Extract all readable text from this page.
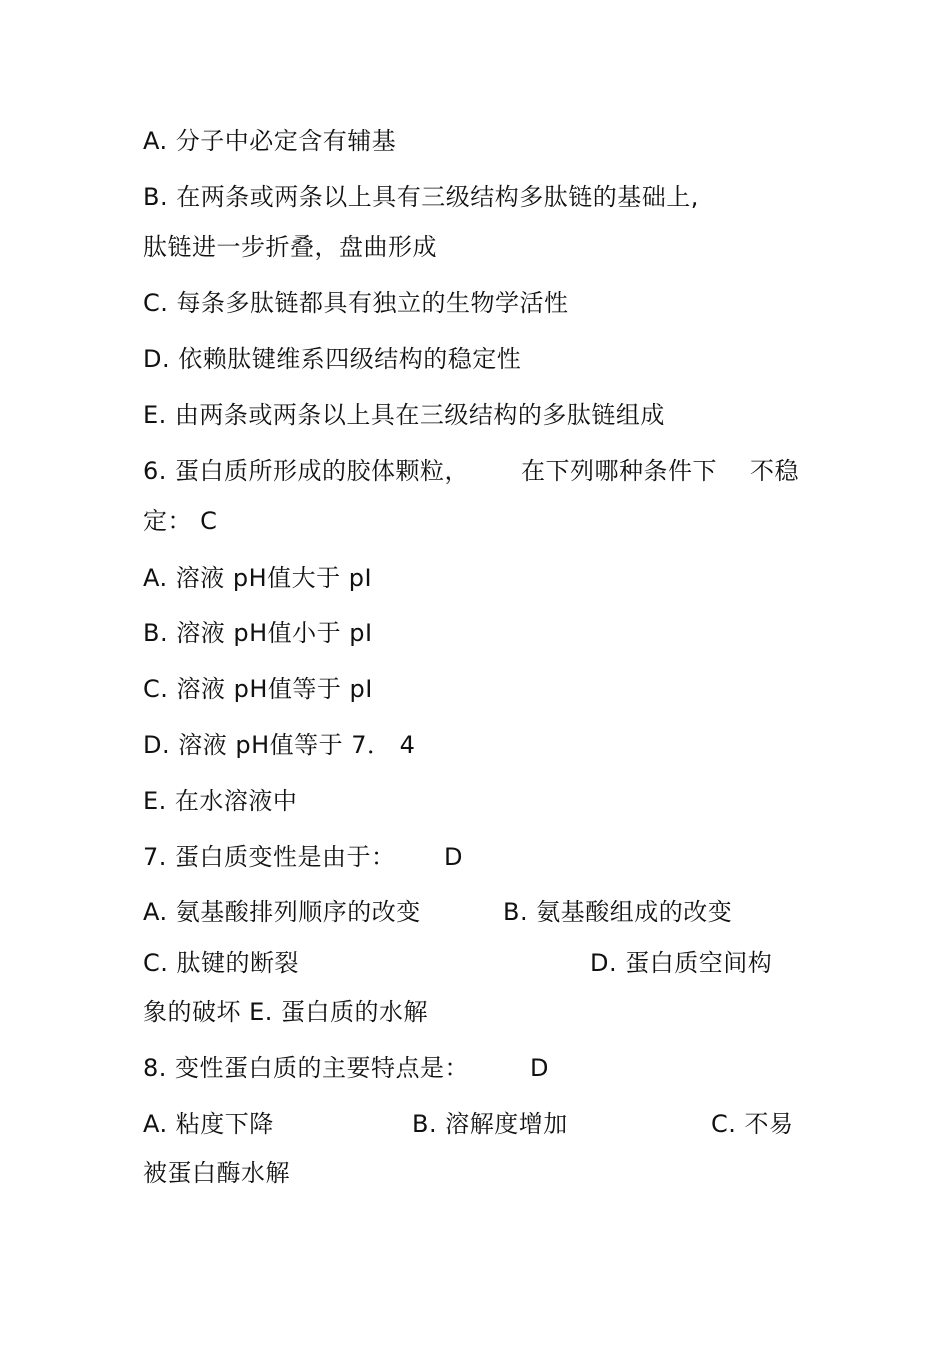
A. 分子中必定含有辅基
B. 在两条或两条以上具有三级结构多肽链的基础上,
肽链进一步折叠，盘曲形成
C. 每条多肽链都具有独立的生物学活性
D. 依赖肽键维系四级结构的稳定性
E. 由两条或两条以上具在三级结构的多肽链组成
6. 蛋白质所形成的胶体颗粒， 在下列哪种条件下 不稳
定： C
A. 溶液 pH值大于 pI
B. 溶液 pH值小于 pI
C. 溶液 pH值等于 pI
D. 溶液 pH值等于 7． 4
E. 在水溶液中
7. 蛋白质变性是由于： D
A. 氨基酸排列顺序的改变	B. 氨基酸组成的改变
C. 肽键的断裂	D. 蛋白质空间构
象的破坏 E. 蛋白质的水解
8. 变性蛋白质的主要特点是：	D
A. 粘度下降	B. 溶解度增加	C. 不易
被蛋白酶水解
